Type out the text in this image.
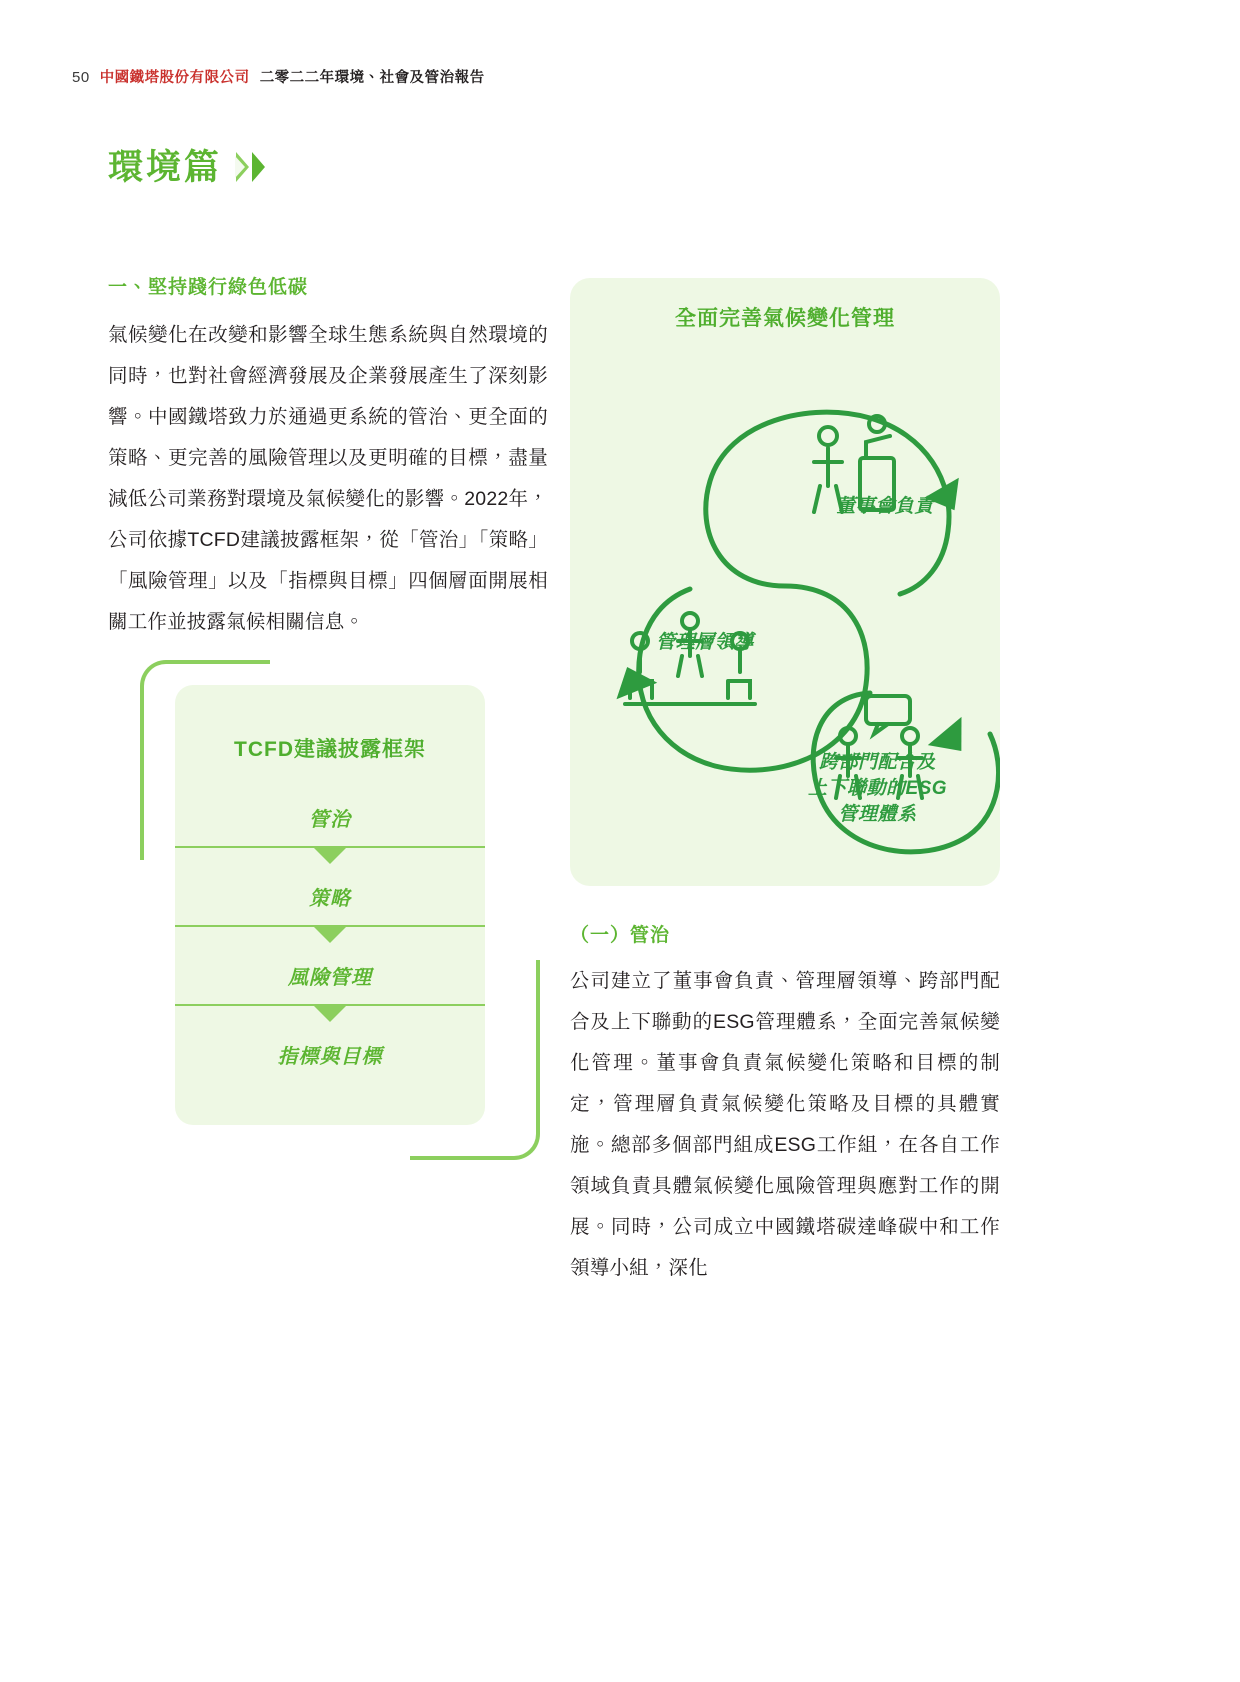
50 中國鐵塔股份有限公司 二零二二年環境、社會及管治報告
環境篇
一、堅持踐行綠色低碳

氣候變化在改變和影響全球生態系統與自然環境的同時，也對社會經濟發展及企業發展產生了深刻影響。中國鐵塔致力於通過更系統的管治、更全面的策略、更完善的風險管理以及更明確的目標，盡量減低公司業務對環境及氣候變化的影響。2022年，公司依據TCFD建議披露框架，從「管治」「策略」「風險管理」以及「指標與目標」四個層面開展相關工作並披露氣候相關信息。

TCFD建議披露框架
管治
策略
風險管理
指標與目標
全面完善氣候變化管理
董事會負責
管理層領導
跨部門配合及
上下聯動的ESG
管理體系
（一）管治

公司建立了董事會負責、管理層領導、跨部門配合及上下聯動的ESG管理體系，全面完善氣候變化管理。董事會負責氣候變化策略和目標的制定，管理層負責氣候變化策略及目標的具體實施。總部多個部門組成ESG工作組，在各自工作領域負責具體氣候變化風險管理與應對工作的開展。同時，公司成立中國鐵塔碳達峰碳中和工作領導小組，深化
